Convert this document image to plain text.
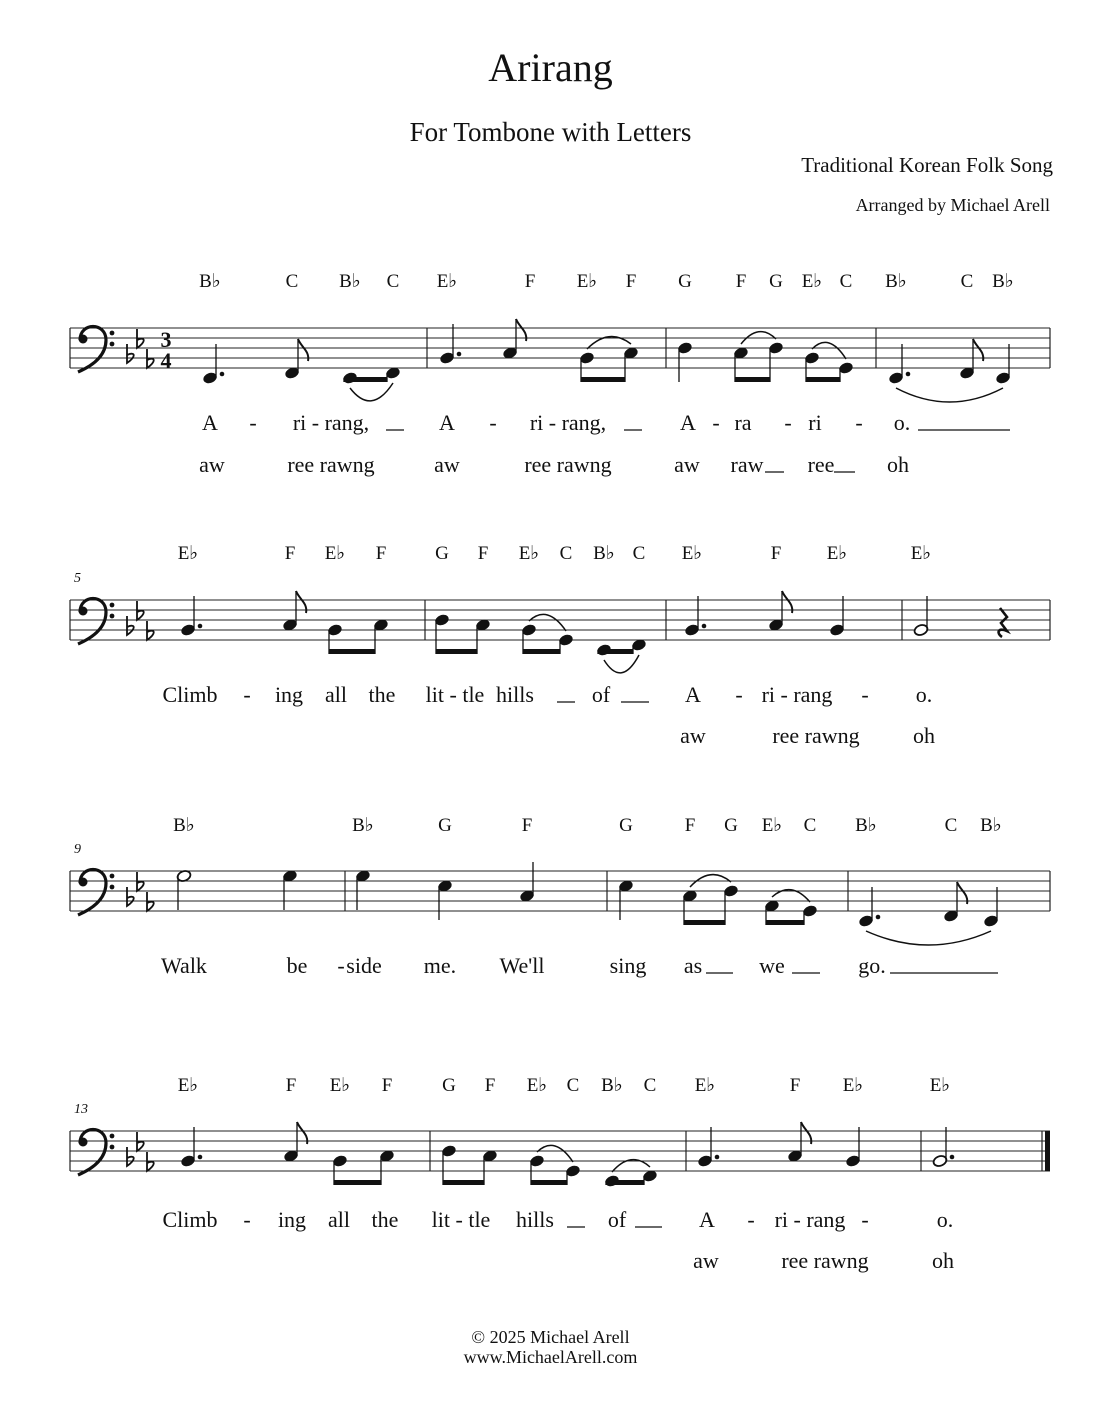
Arirang
For Tombone with Letters
Traditional Korean Folk Song
Arranged by Michael Arell
3
4
B♭	C B♭ C E♭	F E♭ F G F G E♭ C B♭	C B♭
A - ri - rang,	A - ri - rang,	A - ra - ri - o.
aw	ree rawng	aw	ree rawng	aw raw ree oh
5
E♭	F E♭ F	G F E♭ C B♭ C E♭	F E♭	E♭
Climb - ing all the lit - tle hills	of	A - ri - rang - o.
aw	ree rawng oh
9
B♭	B♭	G	F	G	F G E♭ C B♭	C B♭
Walk	be - side me. We'll	sing as	we	go.
13
E♭	F E♭ F	G F E♭ C B♭ C E♭	F E♭	E♭
Climb - ing all the lit - tle hills of	A - ri - rang -	o.
aw	ree rawng	oh
© 2025 Michael Arell
www.MichaelArell.com
